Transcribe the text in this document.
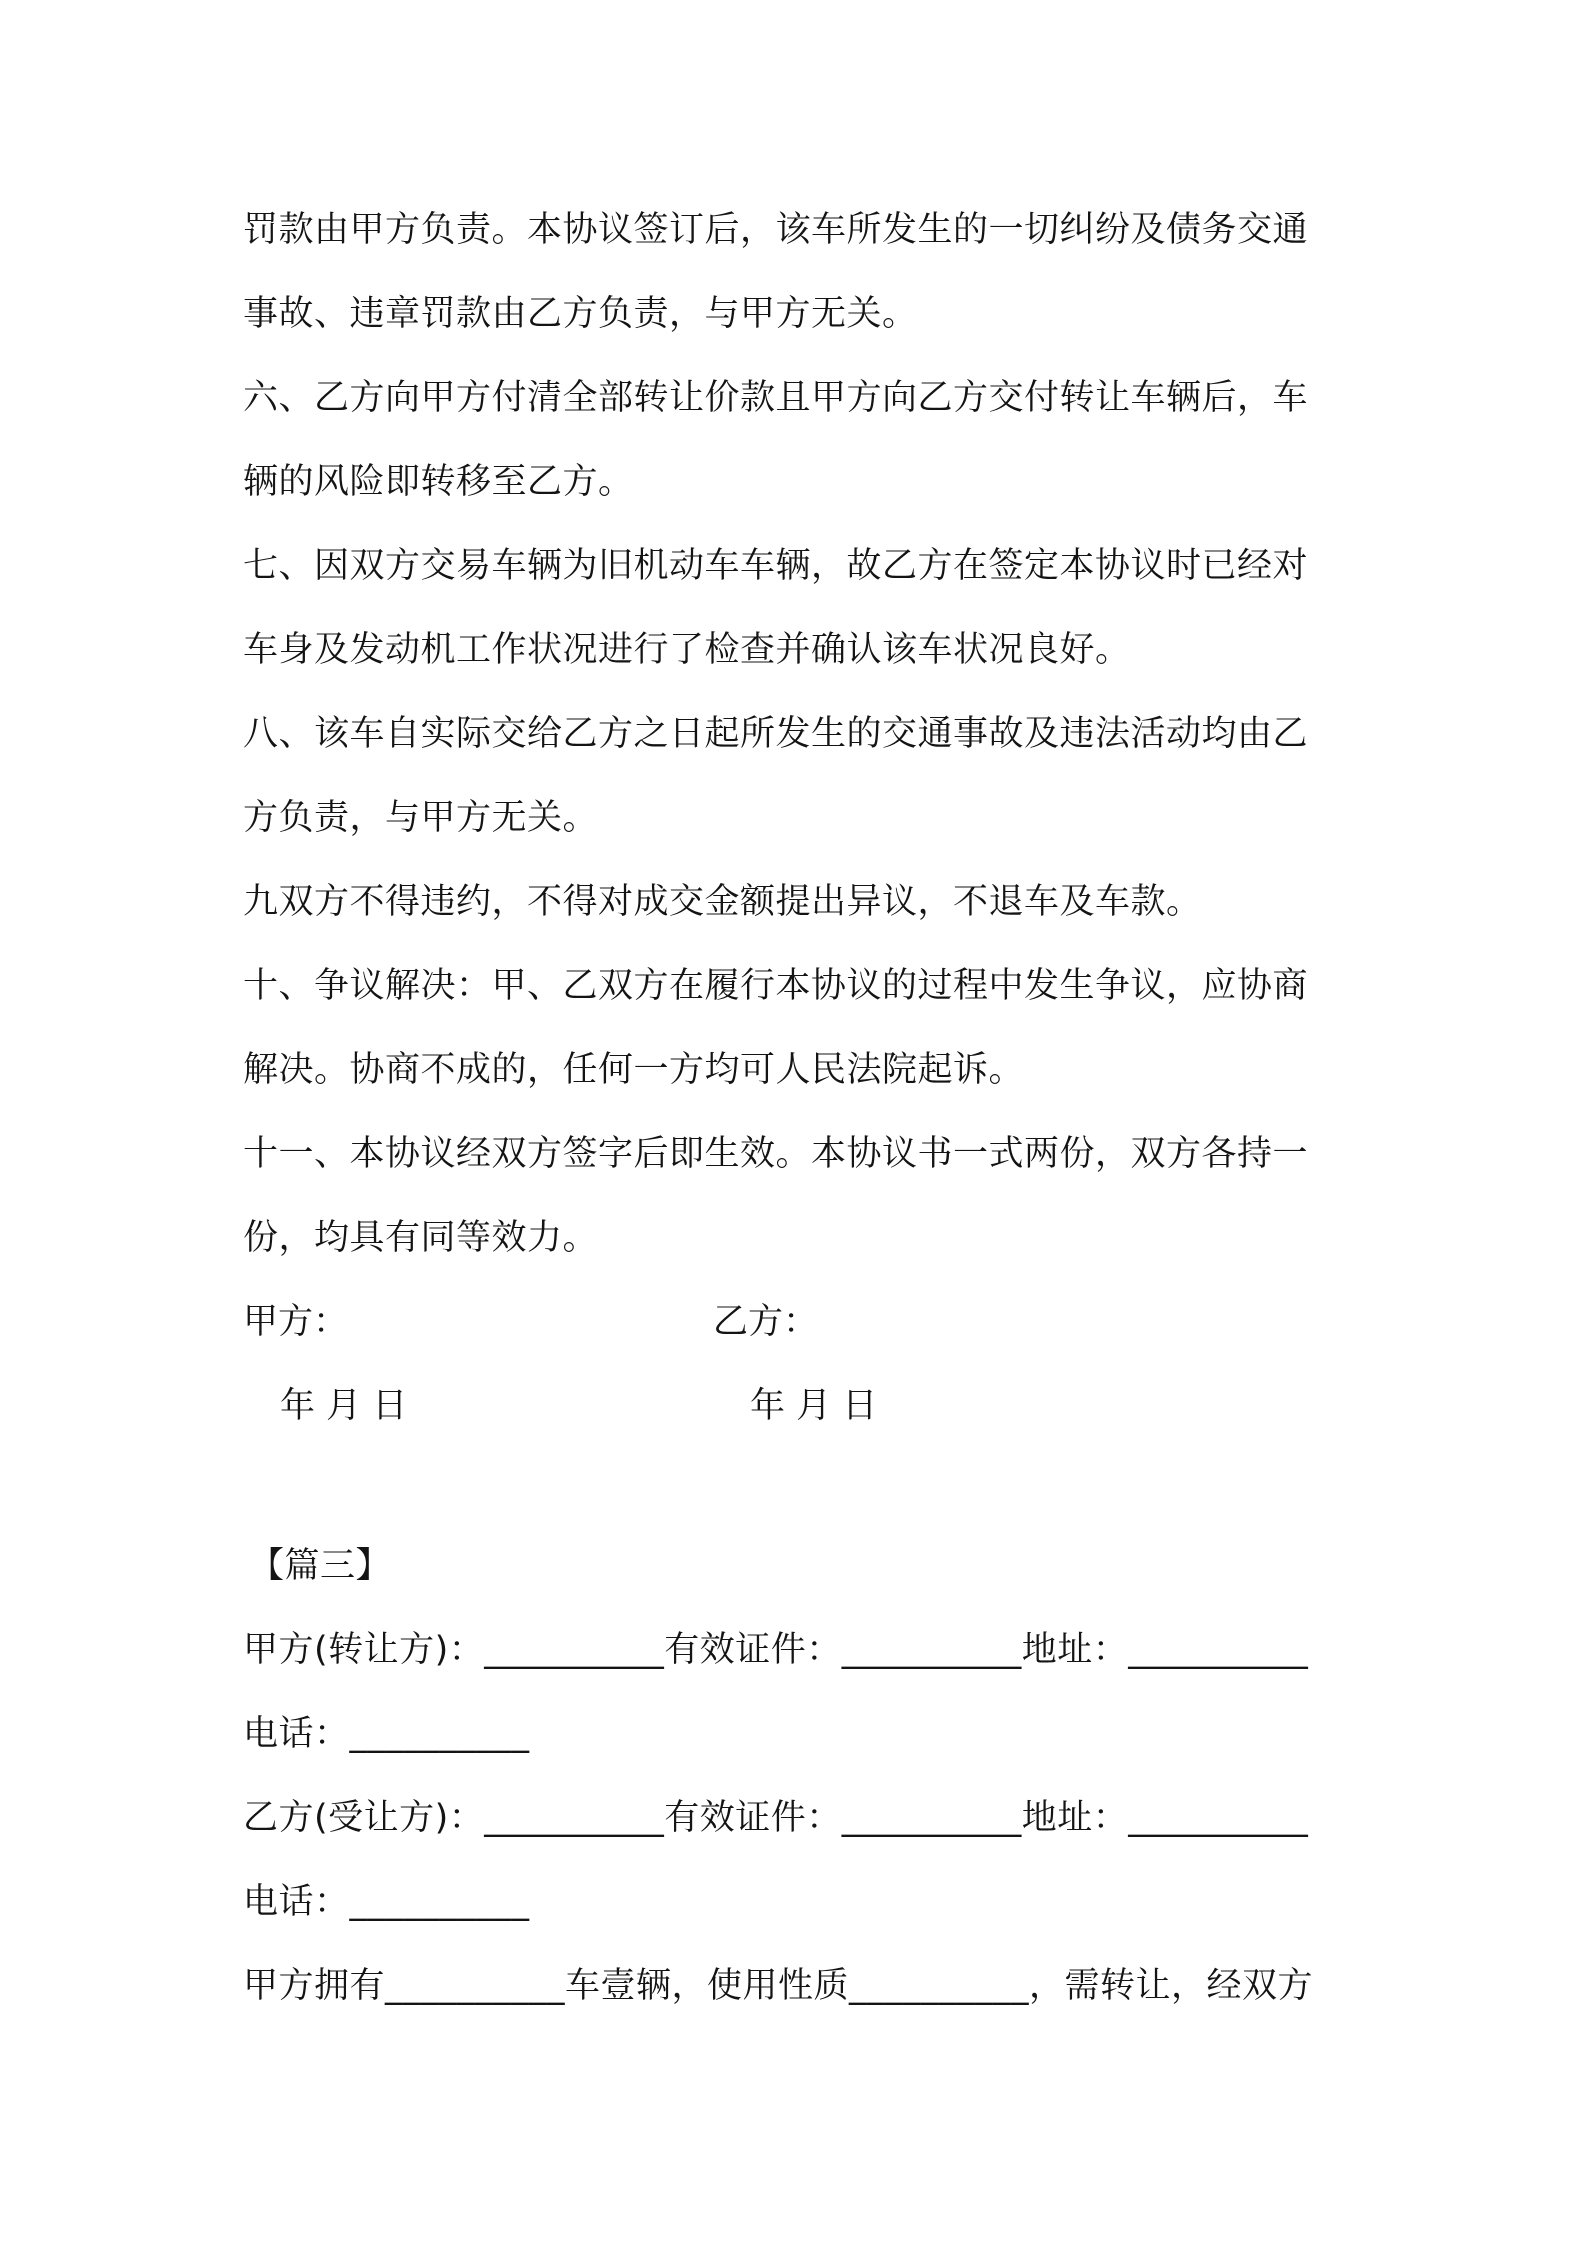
罚款由甲方负责。本协议签订后，该车所发生的一切纠纷及债务交通
事故、违章罚款由乙方负责，与甲方无关。
六、乙方向甲方付清全部转让价款且甲方向乙方交付转让车辆后，车
辆的风险即转移至乙方。
七、因双方交易车辆为旧机动车车辆，故乙方在签定本协议时已经对
车身及发动机工作状况进行了检查并确认该车状况良好。
八、该车自实际交给乙方之日起所发生的交通事故及违法活动均由乙
方负责，与甲方无关。
九双方不得违约，不得对成交金额提出异议，不退车及车款。
十、争议解决：甲、乙双方在履行本协议的过程中发生争议，应协商
解决。协商不成的，任何一方均可人民法院起诉。
十一、本协议经双方签字后即生效。本协议书一式两份，双方各持一
份，均具有同等效力。
甲方：	乙方：
年 月 日	年 月 日
【篇三】
甲方(转让方)：__________有效证件：__________地址：__________
电话：__________
乙方(受让方)：__________有效证件：__________地址：__________
电话：__________
甲方拥有__________车壹辆，使用性质__________，需转让，经双方
